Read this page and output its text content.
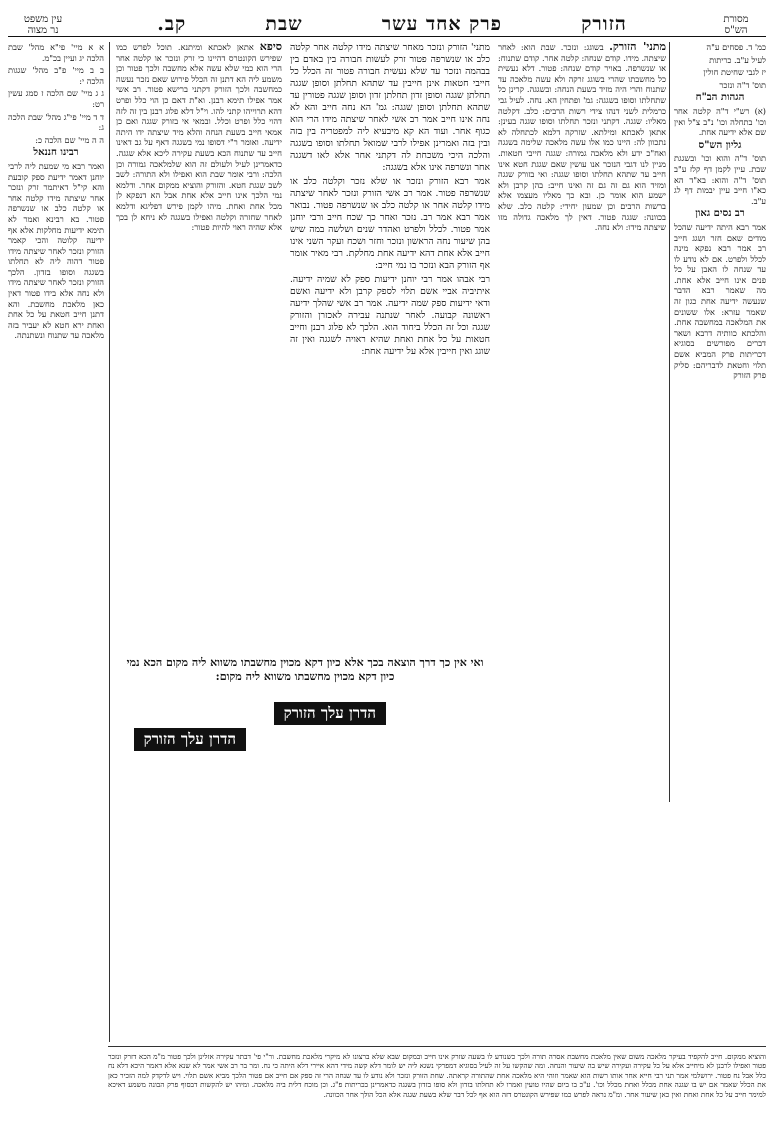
מסורת
הש"ס
הזורק
פרק אחד עשר
שבת
קב.
עין משפט
נר מצוה

כמ' ד. פסחים ע"ה

לעיל ע"ב. כריתות

יז לגבי שחיטת חולין

תוס' ד"ה ונזכר

הגהות הב"ח

(א) רש"י ד"ה קלטה אחר וכו' בתחלה וכו' נ"ב צ"ל ואין שם אלא ידיעה אחת.

גליון הש"ס

תוס' ד"ה והוא וכו' ובשגגת שבת. עיין לקמן דף קלז ע"ב תוס' ד"ה והוא: בא"ד הא כא"ו חייב עיין יבמות דף לג ע"ב.

רב נסים גאון

אמר רבא היתה ידיעה שהכל מודים שאם חזר ושגג חייב רב אמר רבא נפקא מינה לכלל ולפרט. אם לא נודע לו עד שנחה לו האבן על כל פנים אינו חייב אלא אחת. מה שאמר רבא הדבר שנעשה ידיעה אחת כגון זה שאמר עזרא: אלו ששונים את המלאכה במחשבה אחת. והלכתא כוותיה דרבא ושאר דברים מפורשים בסוגיא דכריתות פרק המביא אשם תלוי וחטאת לדבריהם: סליק פרק הזורק

מתני' הזורק. בשוגג: ונזכר. שבת הוא: לאחר שיצתה. מידו. קודם שנחה: קלטה אחר. קודם שתנוח: או שנשרפה. באויר קודם שנחה: פטור. דלא נעשית כל מחשבתו שהרי בשוגג זרקה ולא עשה מלאכה עד שתנוח והרי היה מזיד בשעת הנחה: ובשגגה. קרינן כל שתחלתו וסופו בשגגה: גמ' ופתחין הא. נחה. לעיל גבי כרמלית לשני דנהו צידי רשות הרבים: כלב. דקלטה מאליו: שגגה. דקתני ונזכר תחלתו וסופו שגגה בעינן: אתאן לאכתא ומילתא. שזרקה דלמא לכתחלה לא נתכוון לה: היינו כמו אלו עשה מלאכה שלימה בשגגה ואח"כ ידע ולא מלאכה גמורה: שגגה חייבי חטאות. מניין לנו דגבי הנזכר אנו עושין שאם שגגת חטא אינו חייב עד שתהא תחלתו וסופו שגגה: ואי בזורק שגגה ומזיד הוא גם זה גם זה ואינו חייב: בהן קרבן ולא ישמע הוא אומר כן. ובא כך מאליו מעצמו אלא ברשות הרבים וכן שמעון יחידי: קלטה כלב. שלא בכוונה: שגגה פטור. דאין לך מלאכה גדולה מזו שיצתה מידו: ולא נחה.

מתני' הזורק ונזכר מאחר שיצתה מידו קלטה אחר קלטה כלב או שנשרפה פטור זרק לעשות חבורה בין באדם בין בבהמה ונזכר עד שלא נעשית חבורה פטור זה הכלל כל חייבי חטאות אינן חייבין עד שתהא תחלתן וסופן שגגה תחלתן שגגה וסופן זדון תחלתן זדון וסופן שגגה פטורין עד שתהא תחלתן וסופן שגגה: גמ' הא נחה חייב והא לא נחה אינו חייב אמר רב אשי לאחר שיצתה מידו הרי הוא כגוף אחר. ועוד הא קא מיבעיא ליה למפטריה בין בזה ובין בזה ואמרינן אפילו לרבי שמואל תחלתו וסופו בשגגה והלכה היכי משכחת לה דקתני אחר אלא לאו דשגגה אחר ונשרפה אינו אלא בשגגה:

אמר רבא הזורק ונזכר או שלא נזכר וקלטה כלב או שנשרפה פטור. אמר רב אשי הזורק ונזכר לאחר שיצתה מידו קלטה אחר או קלטה כלב או שנשרפה פטור. נבואר אמר רבא אמר רב. נזכר ואחר כך שכח חייב ורבי יוחנן אמר פטור. לכלל ולפרט ואהדר שנים ושלשה במה שיש בהן שיעור נחה הראשון ונזכר וחזר ושכח ועקר השני אינו חייב אלא אחת דהא ידיעה אחת מחלקת. רבי מאיר אומר אף הזורק הבא ונזכר בו נמי חייב:

רבי אבהו אמר רבי יוחנן ידיעות ספק לא שמיה ידיעה. איתיביה אביי אשם תלוי לספק קרבן ולא ידיעה ואשם ודאי ידיעות ספק שמה ידיעה. אמר רב אשי שהלך ידיעה ראשונה קבועה. לאחר שנתנה עבירה לאכזרן והזורק שגגה וכל זה הכלל ביחוד הוא. הלכך לא פלוג רבנן וחייב חטאות על כל אחת ואחת שהיא ראויה לשגגה ואין זה שוגג ואין חייבין אלא על ידיעה אחת:

סיפא אתאן לאכתא ומיתנא. תוכל לפרש כמו שפירש הקונטרס דהיינו כי זרק ונזכר או קלטה אחר הרי הוא כמי שלא עשה אלא מחשבה ולכך פטור וכן משמע ליה הא דתנן זה הכלל פירוש שאם נזכר נעשה כמחשבה ולכך הזורק דקתני ברישא פטור. רב אשי אמר אפילו תימא רבנן. וא"ת דאם כן הוי כלל ופרט דהא תרוייהו קתני להו. וי"ל דלא פלוג רבנן בין זה לזה דהוי כלל ופרט וכלל. ובמאי אי בזורק שגגה ואם כן אמאי חייב בשעת הנחה והלא מיד שיצתה ידו היתה ידיעה. ואומר ר"י דסופו נמי בשגגה דאף על גב דאינו חייב עד שתנוח הכא בשעת עקירה ליכא אלא שגגה. כדאמרינן לעיל ולעולם זה הוא שלמלאכה גמורה וכן הלכה: ורבי אומר שבת הוא ואפילו ולא התורה: לשב לשב שגגת חטא. והזורק והוציא ממקום אחר. ודלמא נמי הלכך אינו חייב אלא אחת אבל הא דנפקא לן מכל אחת ואחת. מיהו לקמן פירש דפליגא ודלמא לאחר שחזרה וקלטה ואפילו בשגגה לא ניחא לן בכך אלא שהיה ראוי להיות פטור:

הדרן עלך הזורק

א א מיי' פי"א מהל' שבת הלכה יג ועיין בכ"מ.

ב ב מיי' פ"ב מהל' שגגות הלכה י:

ג ג מיי' שם הלכה ז סמג עשין רט:

ד ד מיי' פי"ג מהל' שבת הלכה ג:

ה ה מיי' שם הלכה כ:

רבינו חננאל

ואמר רבא מי שמעת ליה לרבי יוחנן דאמר ידיעת ספק קובעת והא קי"ל דאיתמר זרק ונזכר אחר שיצתה מידו קלטה אחר או קלטה כלב או שנשרפה פטור. בא רבינא ואמר לא תימא ידיעות מחלקות אלא אף ידיעה קלוטה והכי קאמר הזורק ונזכר לאחר שיצתה מידו פטור דהוה ליה לא תחלתו בשגגה וסופו בזדון. הלכך הזורק ונזכר לאחר שיצתה מידו ולא נחה אלא בידו פטור דאין כאן מלאכת מחשבת. והא דתנן חייב חטאת על כל אחת ואחת ירא חטא לא יעביר בזה מלאכה עד שתנוח ונשתנתה.

ואי אין כך דרך הוצאה בכך אלא כיון דקא מכוין מחשבתו משווא ליה מקום הכא נמי כיון דקא מכוין מחשבתו משווא ליה מקום:
הדרן עלך הזורק
והוציא ממקום. חייב להקפיד בעיקר מלאכה משום שאין מלאכת מחשבת אסרה תורה ולכך כשנודע לו בשעה שזרק אינו חייב ובמקום שבא שלא ברצונו לא מיקרי מלאכת מחשבת. ור"י פי' דבתר עקירה אזלינן ולכך פטור מ"מ הכא דזרק ונזכר פטור ואפילו לרבנן לא מיחייב אלא על כל עקירה ועקירה שיש בה שיעור והנחה. ומה שהקשו על זה לעיל בסוגיא דמפרקי נשגא ליה יש לומר דלא קשה מידי דהא איירי דלא היתה כי נח. ומר בר רב אשי אמר לא שנא אלא דאמר היכא דלא נח כלל אבל נח פטור. ירושלמי אמר תני רבי חייא אחר אותו רשות הוא שאמר וזוהי היא מלאכה אחת שהתורה קראתה. שחת הזורק ונזכר ולא נודע לו עד שנחה הרי זה ספק אם חייב אם פטור הלכך מביא אשם תלוי. ויש לדקדק למה הזכיר כאן את הכלל שאמר אם יש בו שגגה אחת מכלל ואחת מכלל וכו'. ע"כ בו ביום שהיו טועין ואמרו לא תחלתו בזדון ולא סופו בזדון בשגגה כדאמרינן בכריתות פ"ג. וכן מוכח דלית ביה מלאכה. ומיהו יש להקשות דבסוף פרק הבונה משמע דאיכא למימר חייב על כל אחת ואחת ואין כאן שיעור אחר. ומ"מ נראה לפרש כמו שפירש הקונטרס דזה הוא אף לכל דבר שלא בשעת שגגה אלא הכל הולך אחר הכוונה.
